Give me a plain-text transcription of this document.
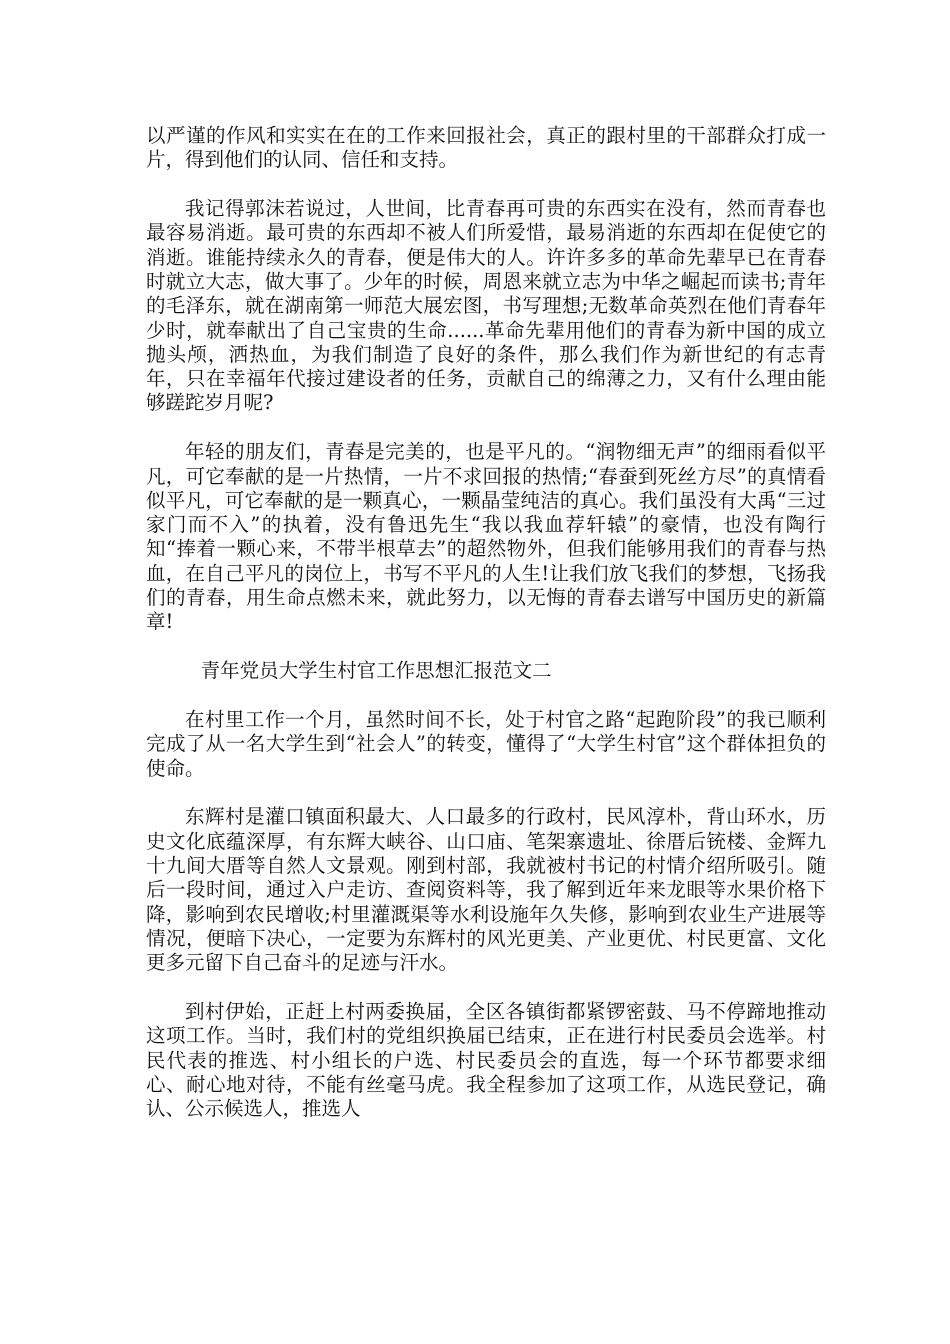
以严谨的作风和实实在在的工作来回报社会，真正的跟村里的干部群众打成一片，得到他们的认同、信任和支持。

我记得郭沫若说过，人世间，比青春再可贵的东西实在没有，然而青春也最容易消逝。最可贵的东西却不被人们所爱惜，最易消逝的东西却在促使它的消逝。谁能持续永久的青春，便是伟大的人。许许多多的革命先辈早已在青春时就立大志，做大事了。少年的时候，周恩来就立志为中华之崛起而读书;青年的毛泽东，就在湖南第一师范大展宏图，书写理想;无数革命英烈在他们青春年少时，就奉献出了自己宝贵的生命......革命先辈用他们的青春为新中国的成立抛头颅，洒热血，为我们制造了良好的条件，那么我们作为新世纪的有志青年，只在幸福年代接过建设者的任务，贡献自己的绵薄之力，又有什么理由能够蹉跎岁月呢?

年轻的朋友们，青春是完美的，也是平凡的。“润物细无声”的细雨看似平凡，可它奉献的是一片热情，一片不求回报的热情;“春蚕到死丝方尽”的真情看似平凡，可它奉献的是一颗真心，一颗晶莹纯洁的真心。我们虽没有大禹“三过家门而不入”的执着，没有鲁迅先生“我以我血荐轩辕”的豪情，也没有陶行知“捧着一颗心来，不带半根草去”的超然物外，但我们能够用我们的青春与热血，在自己平凡的岗位上，书写不平凡的人生!让我们放飞我们的梦想，飞扬我们的青春，用生命点燃未来，就此努力，以无悔的青春去谱写中国历史的新篇章!

青年党员大学生村官工作思想汇报范文二

在村里工作一个月，虽然时间不长，处于村官之路“起跑阶段”的我已顺利完成了从一名大学生到“社会人”的转变，懂得了“大学生村官”这个群体担负的使命。

东辉村是灌口镇面积最大、人口最多的行政村，民风淳朴，背山环水，历史文化底蕴深厚，有东辉大峡谷、山口庙、笔架寨遗址、徐厝后铳楼、金辉九十九间大厝等自然人文景观。刚到村部，我就被村书记的村情介绍所吸引。随后一段时间，通过入户走访、查阅资料等，我了解到近年来龙眼等水果价格下降，影响到农民增收;村里灌溉渠等水利设施年久失修，影响到农业生产进展等情况，便暗下决心，一定要为东辉村的风光更美、产业更优、村民更富、文化更多元留下自己奋斗的足迹与汗水。

到村伊始，正赶上村两委换届，全区各镇街都紧锣密鼓、马不停蹄地推动这项工作。当时，我们村的党组织换届已结束，正在进行村民委员会选举。村民代表的推选、村小组长的户选、村民委员会的直选，每一个环节都要求细心、耐心地对待，不能有丝毫马虎。我全程参加了这项工作，从选民登记，确认、公示候选人，推选人
